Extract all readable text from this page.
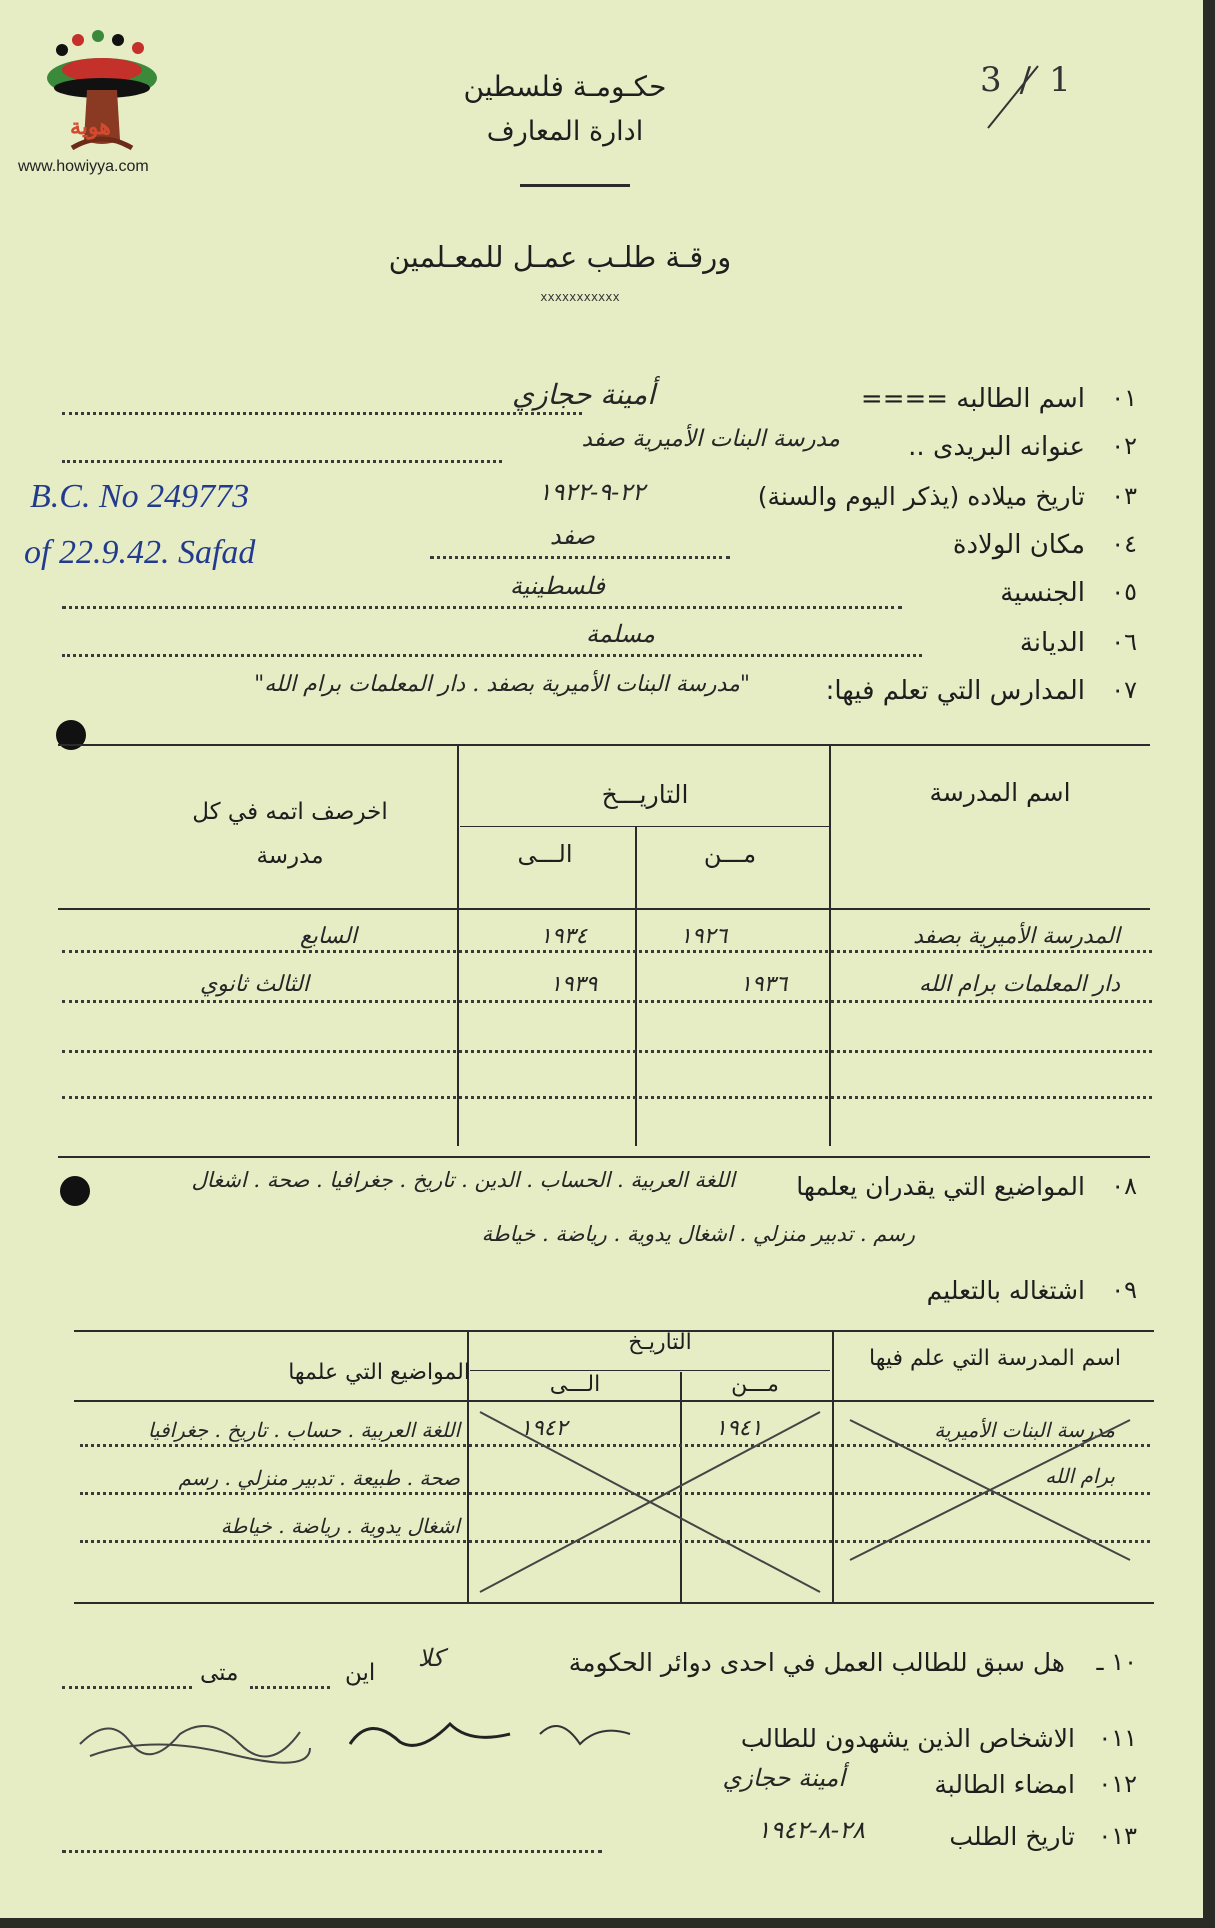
هوية
www.howiyya.com
3/1
حكـومـة فلسطين
ادارة المعارف
ورقـة طلـب عمـل للمعـلمين
xxxxxxxxxxx
٠١
اسم الطالبه ====
أمينة حجازي
٠٢
عنوانه البريدى ..
مدرسة البنات الأميرية صفد
٠٣
تاريخ ميلاده (يذكر اليوم والسنة)
٢٢-٩-١٩٢٢
٠٤
مكان الولادة
صفد
٠٥
الجنسية
فلسطينية
٠٦
الديانة
مسلمة
٠٧
المدارس التي تعلم فيها:
"مدرسة البنات الأميرية بصفد . دار المعلمات برام الله"
B.C. No 249773
of 22.9.42. Safad
اسم المدرسة
التاريـــخ
مـــن
الـــى
اخرصف اتمه في كل مدرسة
المدرسة الأميرية بصفد
١٩٢٦
١٩٣٤
السابع
دار المعلمات برام الله
١٩٣٦
١٩٣٩
الثالث ثانوي
٠٨
المواضيع التي يقدران يعلمها
اللغة العربية . الحساب . الدين . تاريخ . جغرافيا . صحة . اشغال
رسم . تدبير منزلي . اشغال يدوية . رياضة . خياطة
٠٩
اشتغاله بالتعليم
اسم المدرسة التي علم فيها
التاريـخ
مـــن
الـــى
المواضيع التي علمها
مدرسة البنات الأميرية
١٩٤١
١٩٤٢
اللغة العربية . حساب . تاريخ . جغرافيا
برام الله
صحة . طبيعة . تدبير منزلي . رسم
اشغال يدوية . رياضة . خياطة
١٠ ـ
هل سبق للطالب العمل في احدى دوائر الحكومة
كلا
اين
متى
٠١١
الاشخاص الذين يشهدون للطالب
٠١٢
امضاء الطالبة
أمينة حجازي
٠١٣
تاريخ الطلب
٢٨-٨-١٩٤٢
